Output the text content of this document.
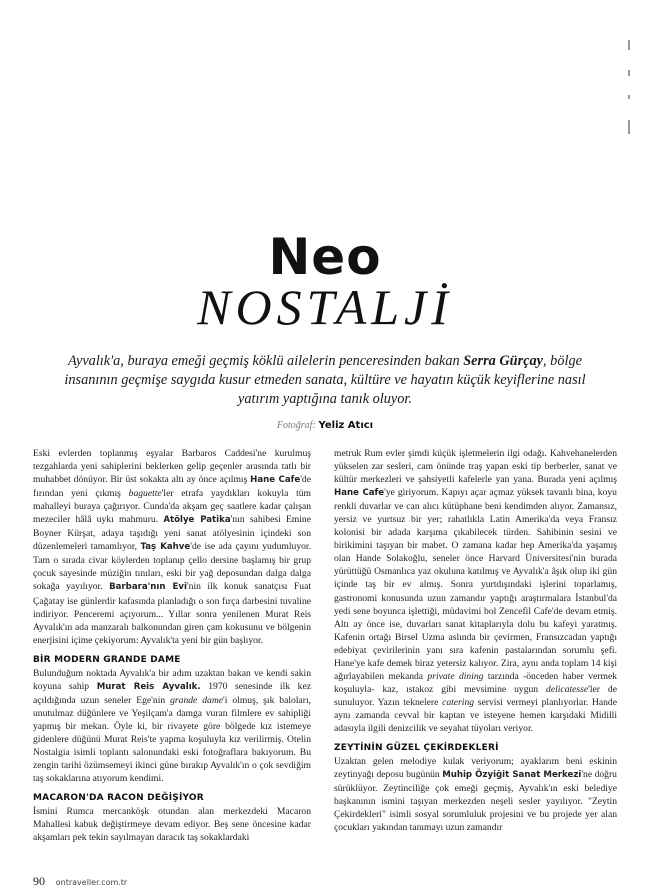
Neo
NOSTALJİ
Ayvalık'a, buraya emeği geçmiş köklü ailelerin penceresinden bakan Serra Gürçay, bölge insanının geçmişe saygıda kusur etmeden sanata, kültüre ve hayatın küçük keyiflerine nasıl yatırım yaptığına tanık oluyor.
Fotoğraf: Yeliz Atıcı

Eski evlerden toplanmış eşyalar Barbaros Caddesi'ne kurulmuş tezgahlarda yeni sahiplerini beklerken gelip geçenler arasında tatlı bir muhabbet dönüyor. Bir üst sokakta altı ay önce açılmış Hane Cafe'de fırından yeni çıkmış baguette'ler etrafa yaydıkları kokuyla tüm mahalleyi buraya çağırıyor. Cunda'da akşam geç saatlere kadar çalışan mezeciler hâlâ uykı mahmuru. Atölye Patika'nın sahibesi Emine Boyner Kürşat, adaya taşıdığı yeni sanat atölyesinin içindeki son düzenlemeleri tamamlıyor, Taş Kahve'de ise ada çayını yudumluyor. Tam o sırada civar köylerden toplanıp çello dersine başlamış bir grup çocuk sayesinde müziğin tınıları, eski bir yağ deposundan dalga dalga sokağa yayılıyor. Barbara'nın Evi'nin ilk konuk sanatçısı Fuat Çağatay ise günlerdir kafasında planladığı o son fırça darbesini tuvaline indiriyor. Penceremi açıyorum... Yıllar sonra yenilenen Murat Reis Ayvalık'ın ada manzaralı balkonundan giren çam kokusunu ve bölgenin enerjisini içime çekiyorum: Ayvalık'ta yeni bir gün başlıyor.

BİR MODERN GRANDE DAME

Bulunduğum noktada Ayvalık'a bir adım uzaktan bakan ve kendi sakin koyuna sahip Murat Reis Ayvalık. 1970 senesinde ilk kez açıldığında uzun seneler Ege'nin grande dame'i olmuş, şık baloları, unutulmaz düğünlere ve Yeşilçam'a damga vuran filmlere ev sahipliği yapmış bir mekan. Öyle ki, bir rivayete göre bölgede kız istemeye gidenlere düğünü Murat Reis'te yapma koşuluyla kız verilirmiş. Otelin Nostalgia isimli toplantı salonundaki eski fotoğraflara bakıyorum. Bu zengin tarihi özümsemeyi ikinci güne bırakıp Ayvalık'ın o çok sevdiğim taş sokaklarına atıyorum kendimi.

MACARON'DA RACON DEĞİŞİYOR

İsmini Rumca mercanköşk otundan alan merkezdeki Macaron Mahallesi kabuk değiştirmeye devam ediyor. Beş sene öncesine kadar akşamları pek tekin sayılmayan daracık taş sokaklardaki

metruk Rum evler şimdi küçük işletmelerin ilgi odağı. Kahvehanelerden yükselen zar sesleri, cam önünde traş yapan eski tip berberler, sanat ve kültür merkezleri ve şahsiyetli kafelerle yan yana. Burada yeni açılmış Hane Cafe'ye giriyorum. Kapıyı açar açmaz yüksek tavanlı bina, koyu renkli duvarlar ve can alıcı kütüphane beni kendimden alıyor. Zamansız, yersiz ve yurtsuz bir yer; rahatlıkla Latin Amerika'da veya Fransız kolonisi bir adada karşıma çıkabilecek türden. Sahibinin sesini ve birikimini taşıyan bir mabet. O zamana kadar hep Amerika'da yaşamış olan Hande Solakoğlu, seneler önce Harvard Üniversitesi'nin burada yürüttüğü Osmanlıca yaz okuluna katılmış ve Ayvalık'a âşık olup iki gün içinde taş bir ev almış. Sonra yurtdışındaki işlerini toparlamış, gastronomi konusunda uzun zamandır yaptığı araştırmalara İstanbul'da yedi sene boyunca işlettiği, müdavimi bol Zencefil Cafe'de devam etmiş. Altı ay önce ise, duvarları sanat kitaplarıyla dolu bu kafeyi yaratmış. Kafenin ortağı Birsel Uzma aslında bir çevirmen, Fransızcadan yaptığı edebiyat çevirilerinin yanı sıra kafenin pastalarından sorumlu şefi. Hane'ye kafe demek biraz yetersiz kalıyor. Zira, aynı anda toplam 14 kişi ağırlayabilen mekanda private dining tarzında -önceden haber vermek koşuluyla- kaz, ıstakoz gibi mevsimine uygun delicatesse'ler de sunuluyor. Yazın teknelere catering servisi vermeyi planlıyorlar. Hande aynı zamanda cevval bir kaptan ve isteyene hemen karşıdaki Midilli adasıyla ilgili denizcilik ve seyahat tüyoları veriyor.

ZEYTİNİN GÜZEL ÇEKİRDEKLERİ

Uzaktan gelen melodiye kulak veriyorum; ayaklarım beni eskinin zeytinyağı deposu bugünün Muhip Özyiğit Sanat Merkezi'ne doğru sürüklüyor. Zeytinciliğe çok emeği geçmiş, Ayvalık'ın eski belediye başkanının ismini taşıyan merkezden neşeli sesler yayılıyor. "Zeytin Çekirdekleri" isimli sosyal sorumluluk projesini ve bu projede yer alan çocukları yakından tanımayı uzun zamandır

90 ontraveller.com.tr
